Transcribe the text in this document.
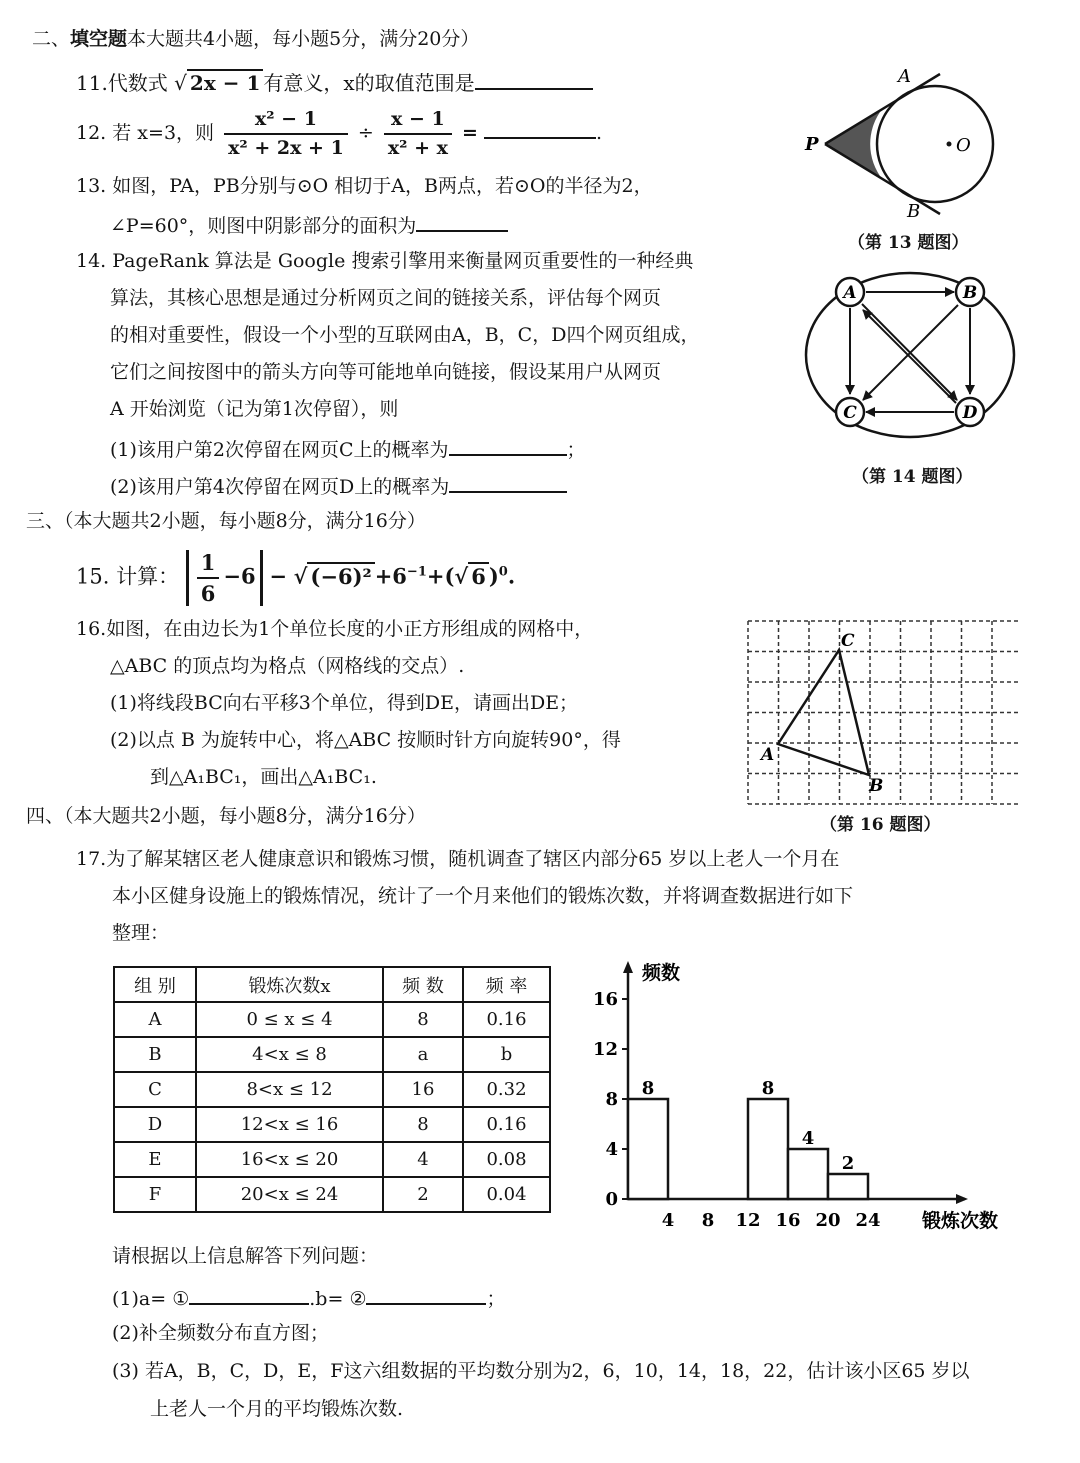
二、填空题本大题共4小题，每小题5分，满分20分）
11.代数式 √ 2x − 1 有意义，x的取值范围是
12. 若 x=3，则 $\frac{\text{x² − 1}}{\text{x² + 2x + 1}} \div \frac{x - 1}{\text{x² + x}}$ =	.
13. 如图，PA，PB分别与⊙O 相切于A，B两点，若⊙O的半径为2，
∠P=60°，则图中阴影部分的面积为
A
B
P	O
（第 13 题图）
14. PageRank 算法是 Google 搜索引擎用来衡量网页重要性的一种经典
算法，其核心思想是通过分析网页之间的链接关系，评估每个网页
的相对重要性，假设一个小型的互联网由A，B，C，D四个网页组成，
它们之间按图中的箭头方向等可能地单向链接，假设某用户从网页
A 开始浏览（记为第1次停留），则
(1)该用户第2次停留在网页C上的概率为	；
(2)该用户第4次停留在网页D上的概率为
A	B
C	D
（第 14 题图）
三、（本大题共2小题，每小题8分，满分16分）
15. 计算： $\frac{1}{6} -6$ − √ $(-6)^2 +6^{-1}+(√$ 6 )$^0$.
16.如图，在由边长为1个单位长度的小正方形组成的网格中，
△ABC 的顶点均为格点（网格线的交点）.
(1)将线段BC向右平移3个单位，得到DE，请画出DE；
(2)以点 B 为旋转中心，将△ABC 按顺时针方向旋转90°，得
到△A₁BC₁，画出△A₁BC₁.
A
B
C
（第 16 题图）
四、（本大题共2小题，每小题8分，满分16分）
17.为了解某辖区老人健康意识和锻炼习惯，随机调查了辖区内部分65 岁以上老人一个月在
本小区健身设施上的锻炼情况，统计了一个月来他们的锻炼次数，并将调查数据进行如下
整理：
组 别	锻炼次数x	频 数	频 率
A	0 ≤ x ≤ 4	8	0.16
B	4<x ≤ 8	a	b
C	8<x ≤ 12	16	0.32
D	12<x ≤ 16	8	0.16
E	16<x ≤ 20	4	0.08
F	20<x ≤ 24	2	0.04
8	8
4
2
0
4
8
12
16
4 8 12 16 20 24
频数
锻炼次数
请根据以上信息解答下列问题：
(1)a= ①	.b= ②	；
(2)补全频数分布直方图；
(3) 若A，B，C，D，E，F这六组数据的平均数分别为2，6，10，14，18，22，估计该小区65 岁以
上老人一个月的平均锻炼次数.
